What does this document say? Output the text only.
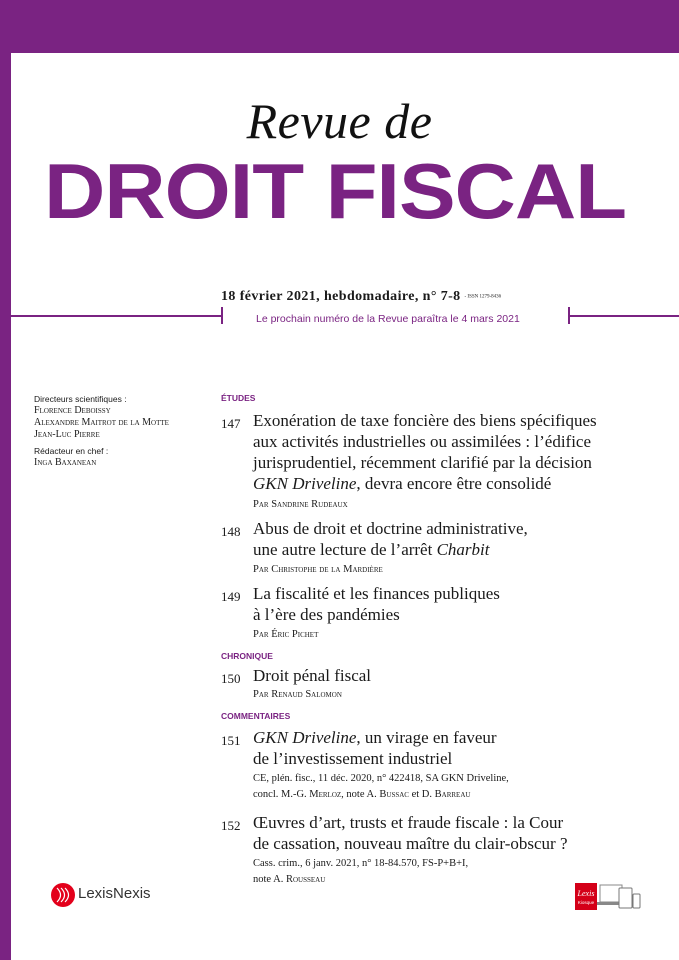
Revue de
DROIT FISCAL
18 février 2021, hebdomadaire, n° 7-8 - ISSN 1279-8436
Le prochain numéro de la Revue paraîtra le 4 mars 2021
Directeurs scientifiques :
Florence Deboissy
Alexandre Maitrot de la Motte
Jean-Luc Pierre
Rédacteur en chef :
Inga Baxanean
ÉTUDES
147 Exonération de taxe foncière des biens spécifiques
aux activités industrielles ou assimilées : l’édifice
jurisprudentiel, récemment clarifié par la décision
GKN Driveline, devra encore être consolidé
Par Sandrine Rudeaux
148 Abus de droit et doctrine administrative,
une autre lecture de l’arrêt Charbit
Par Christophe de la Mardière
149 La fiscalité et les finances publiques
à l’ère des pandémies
Par Éric Pichet
CHRONIQUE
150 Droit pénal fiscal
Par Renaud Salomon
COMMENTAIRES
151 GKN Driveline, un virage en faveur
de l’investissement industriel
CE, plén. fisc., 11 déc. 2020, n° 422418, SA GKN Driveline,
concl. M.-G. Merloz, note A. Bussac et D. Barreau
152 Œuvres d’art, trusts et fraude fiscale : la Cour
de cassation, nouveau maître du clair-obscur ?
Cass. crim., 6 janv. 2021, n° 18-84.570, FS-P+B+I,
note A. Rousseau
LexisNexis	Lexis
Kiosque
